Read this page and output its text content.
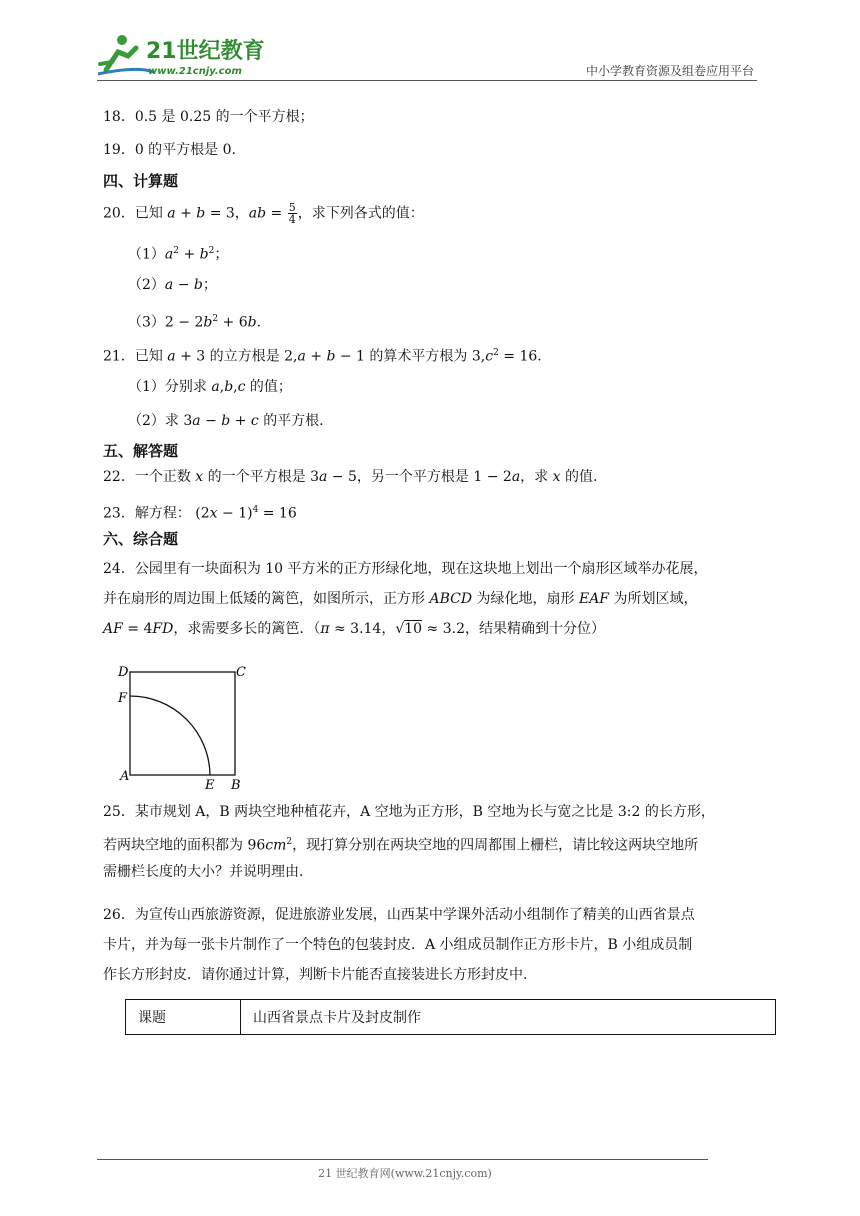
21世纪教育
www.21cnjy.com	中小学教育资源及组卷应用平台
18．0.5 是 0.25 的一个平方根；
19．0 的平方根是 0.
四、计算题
20．已知 a + b = 3，ab = $\frac{5}{4}$ ，求下列各式的值：
$(1)a^2 + b^2$；
（2）a − b；
$(3)2 - 2b^2 + 6b$.
21．已知 a + 3 的立方根是 2,a + b − 1 的算术平方根为 $3,c^2 = 16$.
（1）分别求 a,b,c 的值；
（2）求 3a − b + c 的平方根.
五、解答题
22．一个正数 x 的一个平方根是 3a − 5，另一个平方根是 1 − 2a，求 x 的值.
23．解方程： $(2x - 1)^4 = 16$
六、综合题

24．公园里有一块面积为 10 平方米的正方形绿化地，现在这块地上划出一个扇形区域举办花展，

并在扇形的周边围上低矮的篱笆，如图所示，正方形 ABCD 为绿化地，扇形 EAF 为所划区域，

AF = 4FD，求需要多长的篱笆．（π ≈ 3.14，√10 ≈ 3.2，结果精确到十分位）

D	C
F
A
E B

25．某市规划 A，B 两块空地种植花卉，A 空地为正方形，B 空地为长与宽之比是 3:2 的长方形，

若两块空地的面积都为 $96cm^2$，现打算分别在两块空地的四周都围上栅栏，请比较这两块空地所

需栅栏长度的大小？并说明理由.

26．为宣传山西旅游资源，促进旅游业发展，山西某中学课外活动小组制作了精美的山西省景点

卡片，并为每一张卡片制作了一个特色的包装封皮．A 小组成员制作正方形卡片，B 小组成员制

作长方形封皮．请你通过计算，判断卡片能否直接装进长方形封皮中.

课题	山西省景点卡片及封皮制作
21 世纪教育网(www.21cnjy.com)
